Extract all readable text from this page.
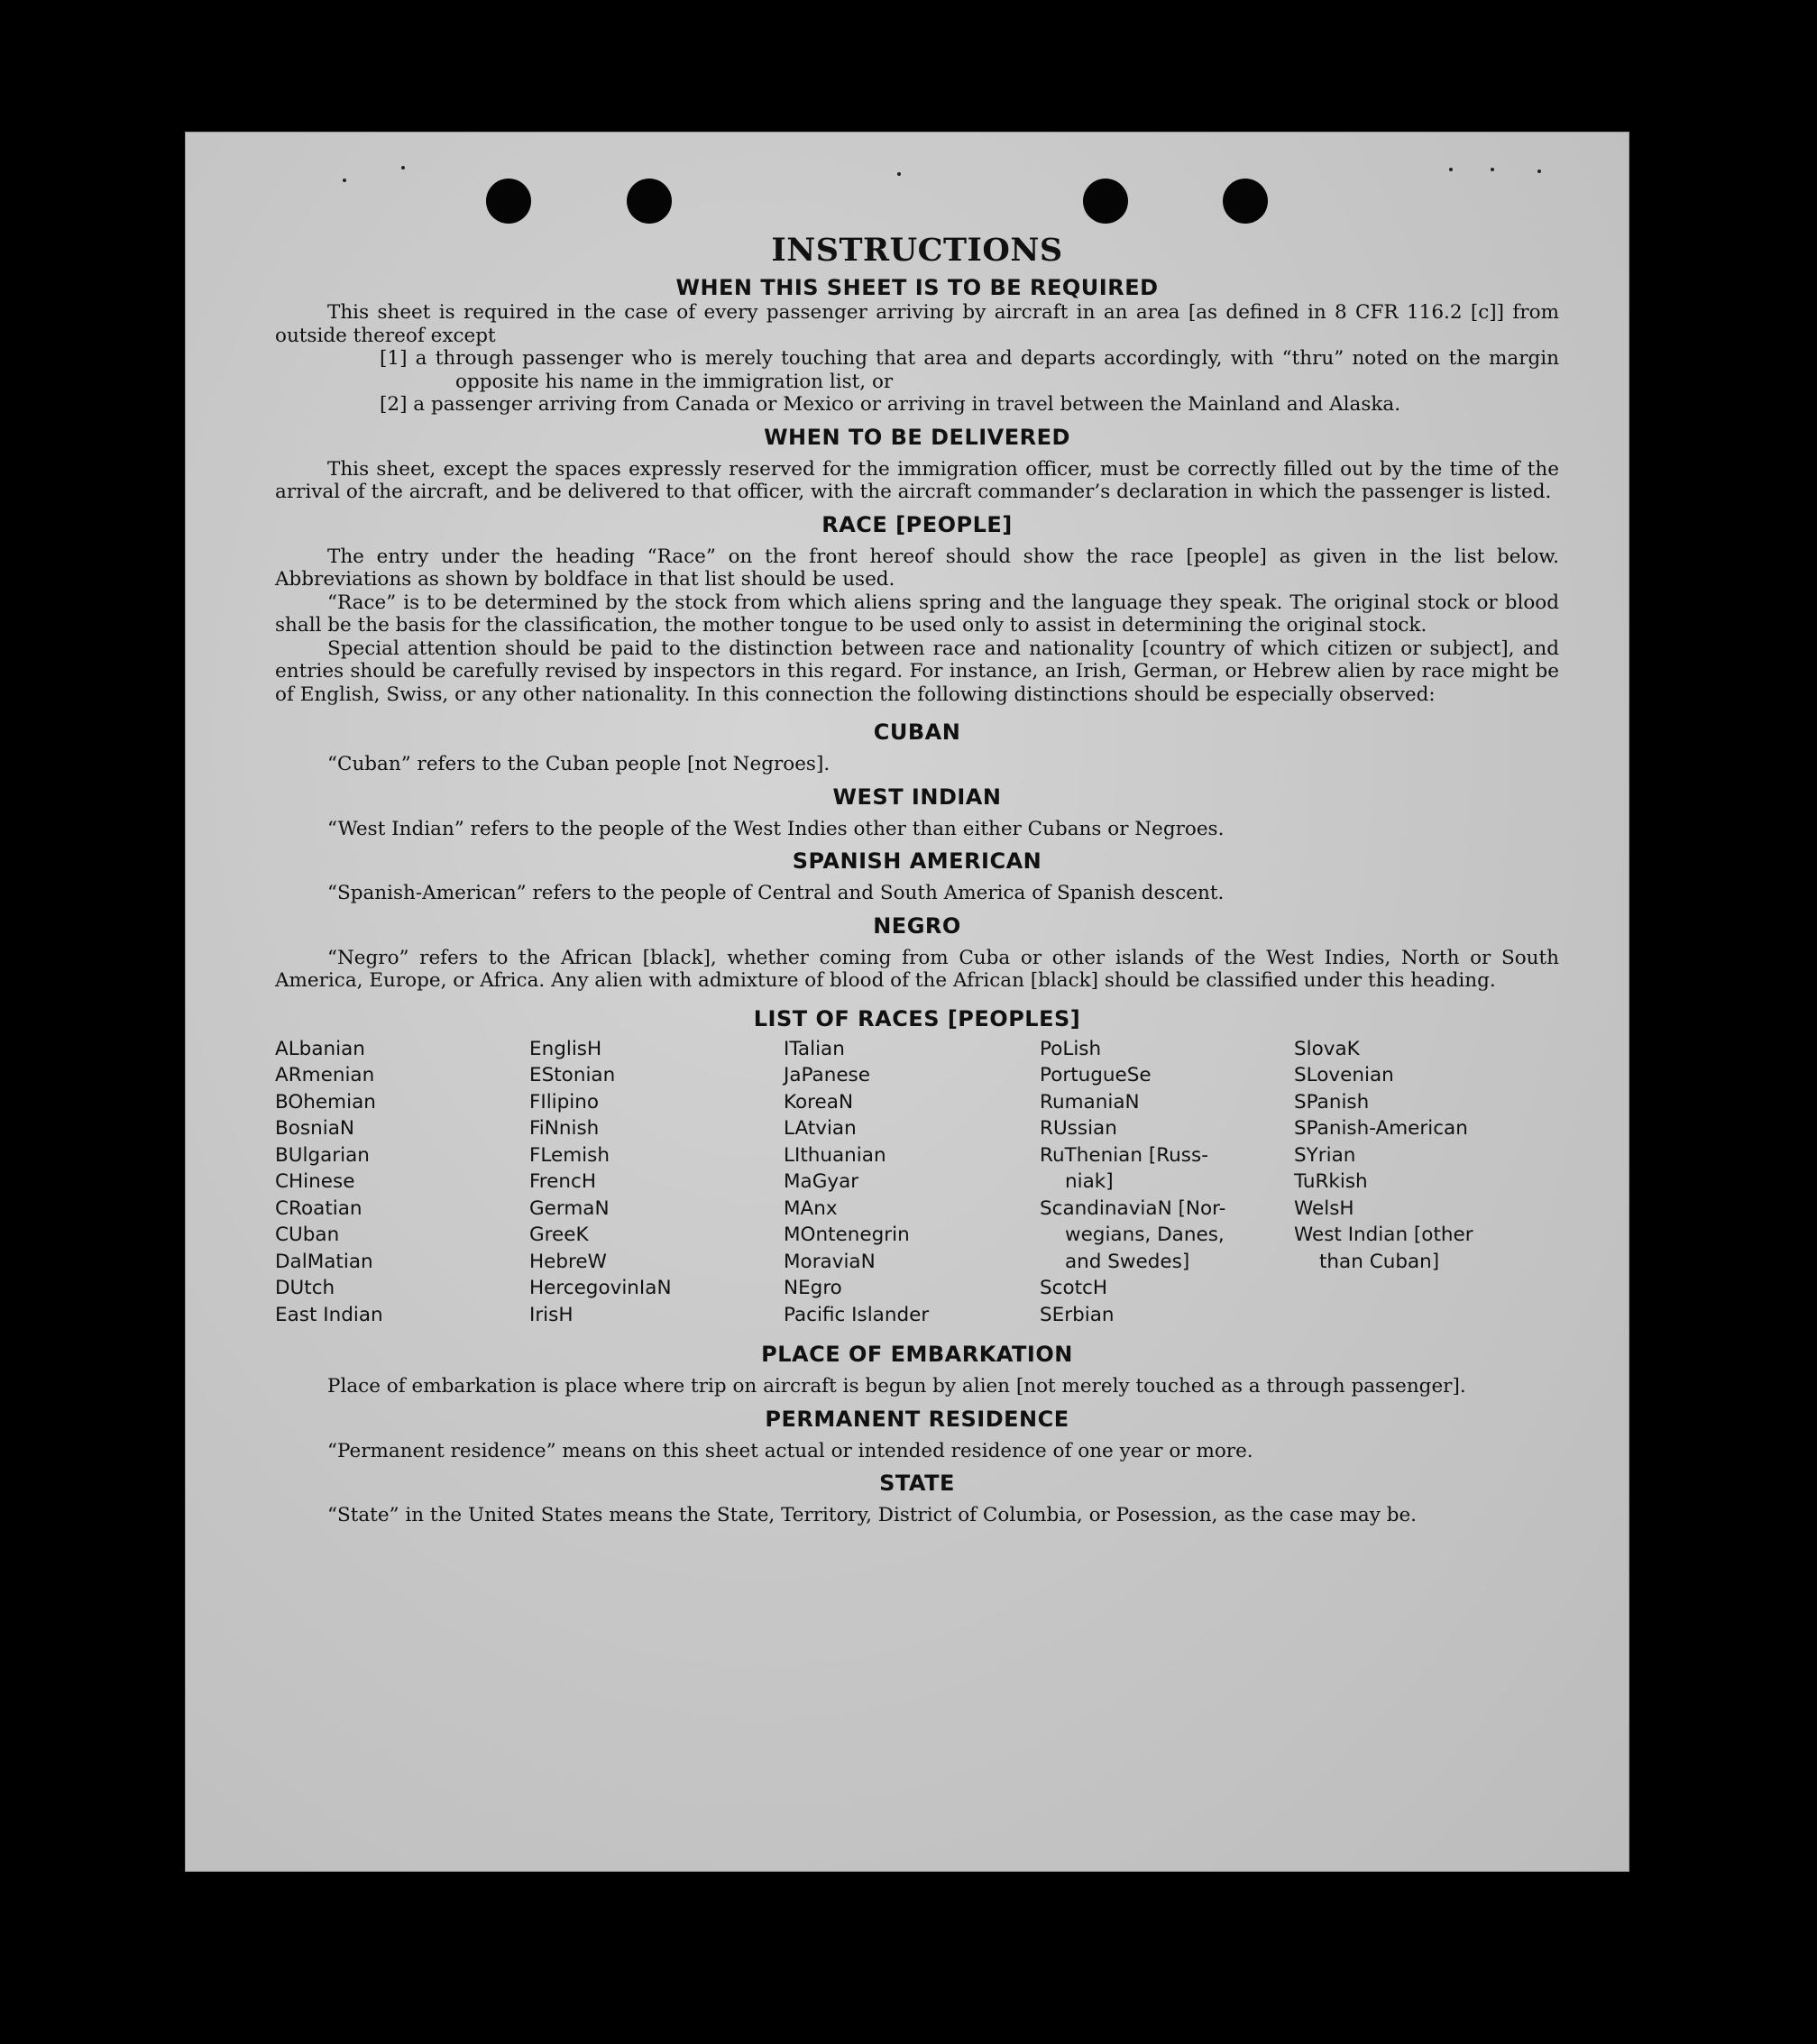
INSTRUCTIONS
WHEN THIS SHEET IS TO BE REQUIRED
This sheet is required in the case of every passenger arriving by aircraft in an area [as defined in 8 CFR 116.2 [c]] from outside thereof except
[1] a through passenger who is merely touching that area and departs accordingly, with “thru” noted on the margin opposite his name in the immigration list, or
[2] a passenger arriving from Canada or Mexico or arriving in travel between the Mainland and Alaska.
WHEN TO BE DELIVERED
This sheet, except the spaces expressly reserved for the immigration officer, must be correctly filled out by the time of the arrival of the aircraft, and be delivered to that officer, with the aircraft commander’s declaration in which the passenger is listed.
RACE [PEOPLE]
The entry under the heading “Race” on the front hereof should show the race [people] as given in the list below. Abbreviations as shown by boldface in that list should be used.
“Race” is to be determined by the stock from which aliens spring and the language they speak. The original stock or blood shall be the basis for the classification, the mother tongue to be used only to assist in determining the original stock.
Special attention should be paid to the distinction between race and nationality [country of which citizen or subject], and entries should be carefully revised by inspectors in this regard. For instance, an Irish, German, or Hebrew alien by race might be of English, Swiss, or any other nationality. In this connection the following distinctions should be especially observed:
CUBAN
“Cuban” refers to the Cuban people [not Negroes].
WEST INDIAN
“West Indian” refers to the people of the West Indies other than either Cubans or Negroes.
SPANISH AMERICAN
“Spanish-American” refers to the people of Central and South America of Spanish descent.
NEGRO
“Negro” refers to the African [black], whether coming from Cuba or other islands of the West Indies, North or South America, Europe, or Africa. Any alien with admixture of blood of the African [black] should be classified under this heading.
LIST OF RACES [PEOPLES]
ALbanian
ARmenian
BOhemian
BosniaN
BUlgarian
CHinese
CRoatian
CUban
DalMatian
DUtch
East Indian
EnglisH
EStonian
FIlipino
FiNnish
FLemish
FrencH
GermaN
GreeK
HebreW
HercegovinIaN
IrisH
ITalian
JaPanese
KoreaN
LAtvian
LIthuanian
MaGyar
MAnx
MOntenegrin
MoraviaN
NEgro
Pacific Islander
PoLish
PortugueSe
RumaniaN
RUssian
RuThenian [Russ-
niak]
ScandinaviaN [Nor-
wegians, Danes,
and Swedes]
ScotcH
SErbian
SlovaK
SLovenian
SPanish
SPanish-American
SYrian
TuRkish
WelsH
West Indian [other
than Cuban]
PLACE OF EMBARKATION
Place of embarkation is place where trip on aircraft is begun by alien [not merely touched as a through passenger].
PERMANENT RESIDENCE
“Permanent residence” means on this sheet actual or intended residence of one year or more.
STATE
“State” in the United States means the State, Territory, District of Columbia, or Posession, as the case may be.
